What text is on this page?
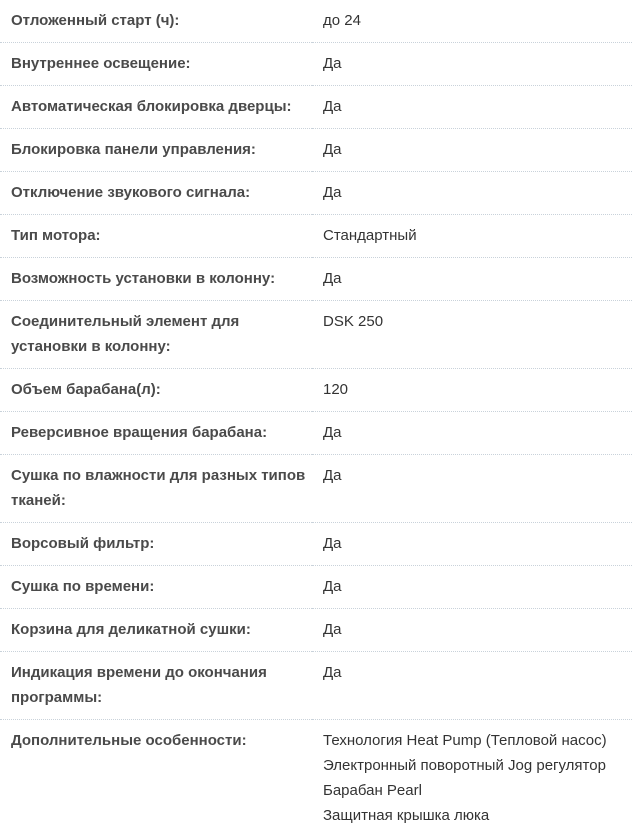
Отложенный старт (ч):	до 24
Внутреннее освещение:	Да
Автоматическая блокировка дверцы:	Да
Блокировка панели управления:	Да
Отключение звукового сигнала:	Да
Тип мотора:	Стандартный
Возможность установки в колонну:	Да
Соединительный элемент для установки в колонну:	DSK 250
Объем барабана(л):	120
Реверсивное вращения барабана:	Да
Сушка по влажности для разных типов тканей:	Да
Ворсовый фильтр:	Да
Сушка по времени:	Да
Корзина для деликатной сушки:	Да
Индикация времени до окончания программы:	Да
Дополнительные особенности:	Технология Heat Pump (Тепловой насос)
Электронный поворотный Jog регулятор
Барабан Pearl
Защитная крышка люка
